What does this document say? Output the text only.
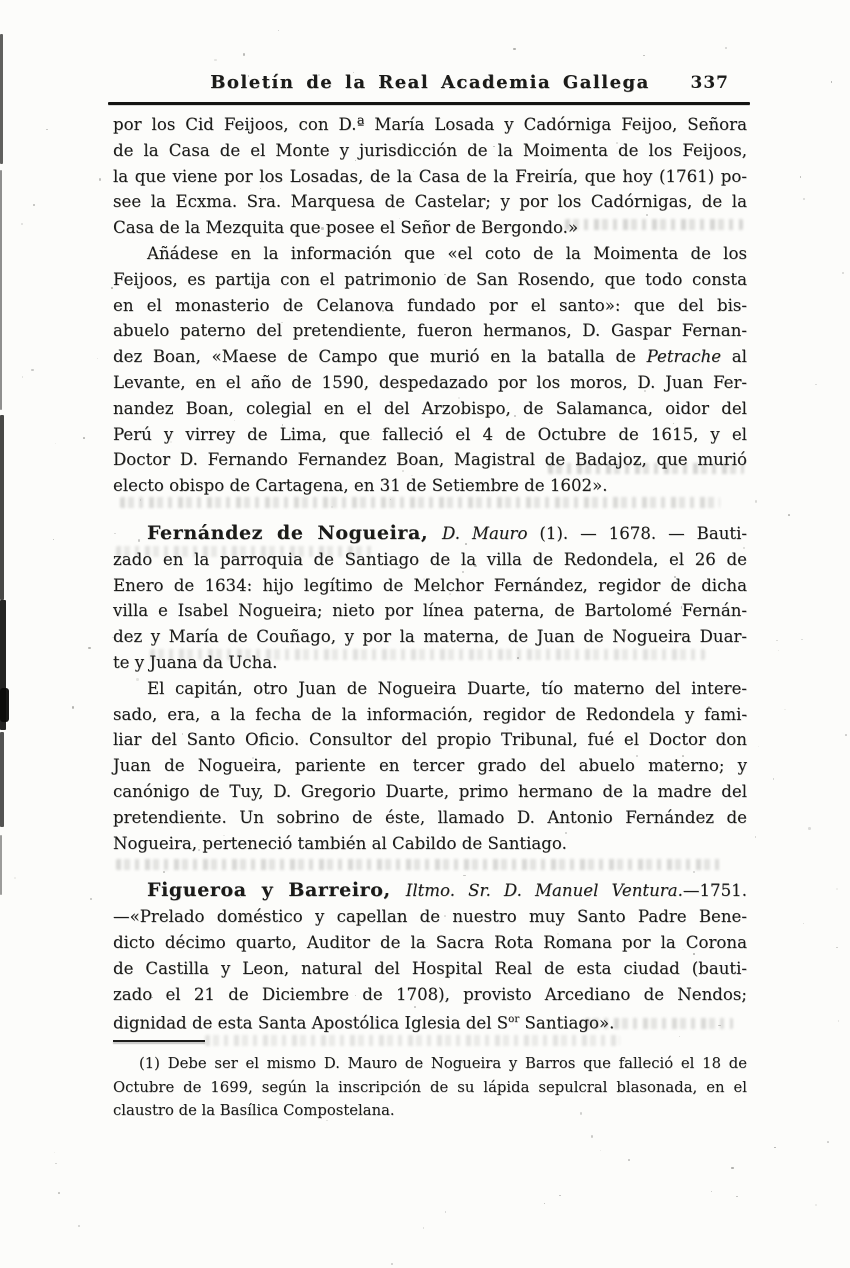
Boletín de la Real Academia Gallega 337

por los Cid Feijoos, con D.ª María Losada y Cadórniga Feijoo, Señora
de la Casa de el Monte y jurisdicción de la Moimenta de los Feijoos,
la que viene por los Losadas, de la Casa de la Freiría, que hoy (1761) po-
see la Ecxma. Sra. Marquesa de Castelar; y por los Cadórnigas, de la
Casa de la Mezquita que posee el Señor de Bergondo.»

Añádese en la información que «el coto de la Moimenta de los
Feijoos, es partija con el patrimonio de San Rosendo, que todo consta
en el monasterio de Celanova fundado por el santo»: que del bis-
abuelo paterno del pretendiente, fueron hermanos, D. Gaspar Fernan-
dez Boan, «Maese de Campo que murió en la batalla de Petrache al
Levante, en el año de 1590, despedazado por los moros, D. Juan Fer-
nandez Boan, colegial en el del Arzobispo, de Salamanca, oidor del
Perú y virrey de Lima, que falleció el 4 de Octubre de 1615, y el
Doctor D. Fernando Fernandez Boan, Magistral de Badajoz, que murió
electo obispo de Cartagena, en 31 de Setiembre de 1602».

Fernández de Nogueira, D. Mauro (1). — 1678. — Bauti-
zado en la parroquia de Santiago de la villa de Redondela, el 26 de
Enero de 1634: hijo legítimo de Melchor Fernández, regidor de dicha
villa e Isabel Nogueira; nieto por línea paterna, de Bartolomé Fernán-
dez y María de Couñago, y por la materna, de Juan de Nogueira Duar-
te y Juana da Ucha.

El capitán, otro Juan de Nogueira Duarte, tío materno del intere-
sado, era, a la fecha de la información, regidor de Redondela y fami-
liar del Santo Oficio. Consultor del propio Tribunal, fué el Doctor don
Juan de Nogueira, pariente en tercer grado del abuelo materno; y
canónigo de Tuy, D. Gregorio Duarte, primo hermano de la madre del
pretendiente. Un sobrino de éste, llamado D. Antonio Fernández de
Nogueira, perteneció también al Cabildo de Santiago.

Figueroa y Barreiro, Iltmo. Sr. D. Manuel Ventura.—1751.
—«Prelado doméstico y capellan de nuestro muy Santo Padre Bene-
dicto décimo quarto, Auditor de la Sacra Rota Romana por la Corona
de Castilla y Leon, natural del Hospital Real de esta ciudad (bauti-
zado el 21 de Diciembre de 1708), provisto Arcediano de Nendos;
dignidad de esta Santa Apostólica Iglesia del $S^{or}$ Santiago».

(1) Debe ser el mismo D. Mauro de Nogueira y Barros que falleció el 18 de
Octubre de 1699, según la inscripción de su lápida sepulcral blasonada, en el
claustro de la Basílica Compostelana.
